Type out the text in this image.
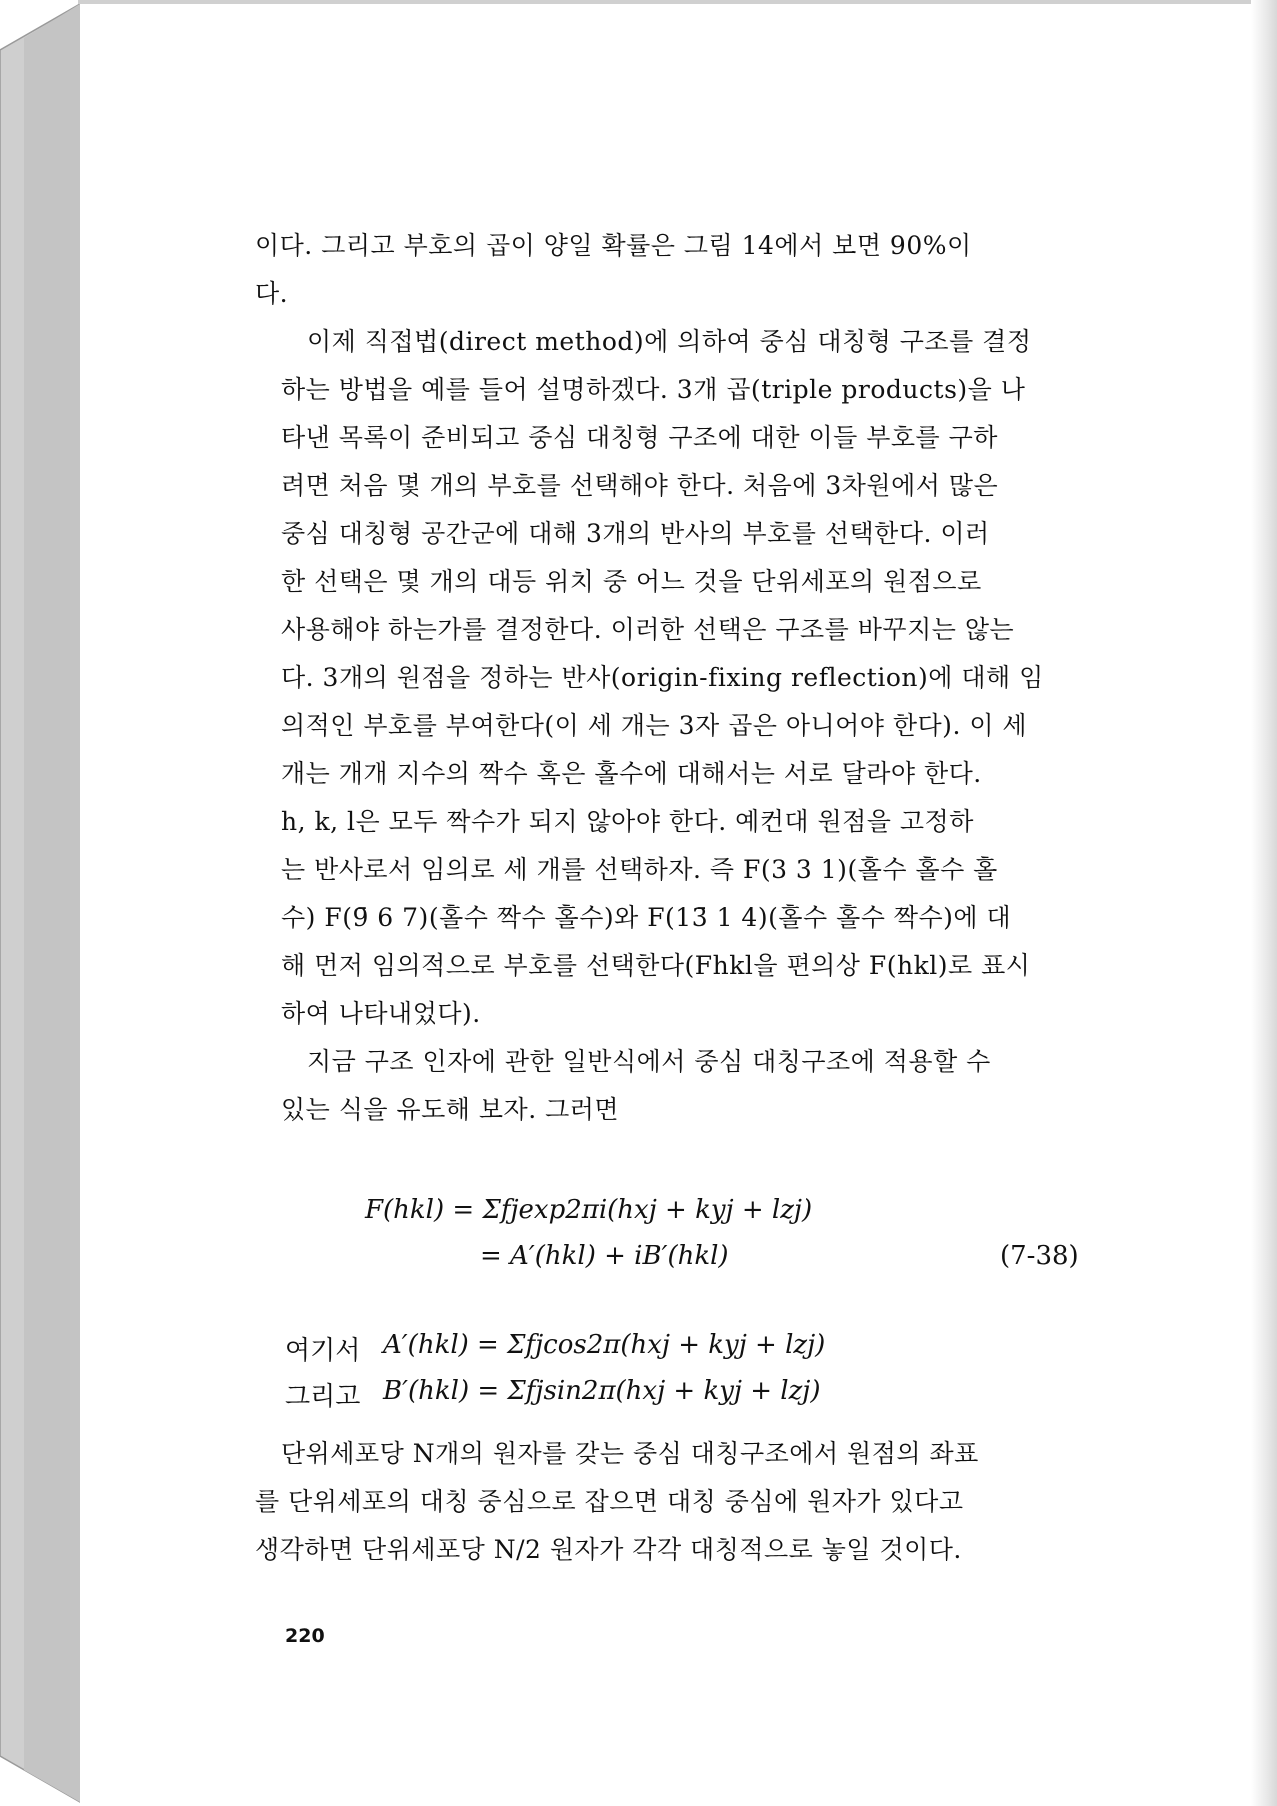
이다. 그리고 부호의 곱이 양일 확률은 그림 14에서 보면 90%이
다.
이제 직접법(direct method)에 의하여 중심 대칭형 구조를 결정
하는 방법을 예를 들어 설명하겠다. 3개 곱(triple products)을 나
타낸 목록이 준비되고 중심 대칭형 구조에 대한 이들 부호를 구하
려면 처음 몇 개의 부호를 선택해야 한다. 처음에 3차원에서 많은
중심 대칭형 공간군에 대해 3개의 반사의 부호를 선택한다. 이러
한 선택은 몇 개의 대등 위치 중 어느 것을 단위세포의 원점으로
사용해야 하는가를 결정한다. 이러한 선택은 구조를 바꾸지는 않는
다. 3개의 원점을 정하는 반사(origin-fixing reflection)에 대해 임
의적인 부호를 부여한다(이 세 개는 3자 곱은 아니어야 한다). 이 세
개는 개개 지수의 짝수 혹은 홀수에 대해서는 서로 달라야 한다.
h, k, l은 모두 짝수가 되지 않아야 한다. 예컨대 원점을 고정하
는 반사로서 임의로 세 개를 선택하자. 즉 F(3 3 1)(홀수 홀수 홀
수) F(9̄ 6 7)(홀수 짝수 홀수)와 F(13̄ 1 4)(홀수 홀수 짝수)에 대
해 먼저 임의적으로 부호를 선택한다(Fhkl을 편의상 F(hkl)로 표시
하여 나타내었다).
지금 구조 인자에 관한 일반식에서 중심 대칭구조에 적용할 수
있는 식을 유도해 보자. 그러면
F(hkl) = Σfjexp2πi(hxj + kyj + lzj)
= A′(hkl) + iB′(hkl)	(7-38)
여기서 A′(hkl) = Σfjcos2π(hxj + kyj + lzj)
그리고 B′(hkl) = Σfjsin2π(hxj + kyj + lzj)
단위세포당 N개의 원자를 갖는 중심 대칭구조에서 원점의 좌표
를 단위세포의 대칭 중심으로 잡으면 대칭 중심에 원자가 있다고
생각하면 단위세포당 N/2 원자가 각각 대칭적으로 놓일 것이다.
220
